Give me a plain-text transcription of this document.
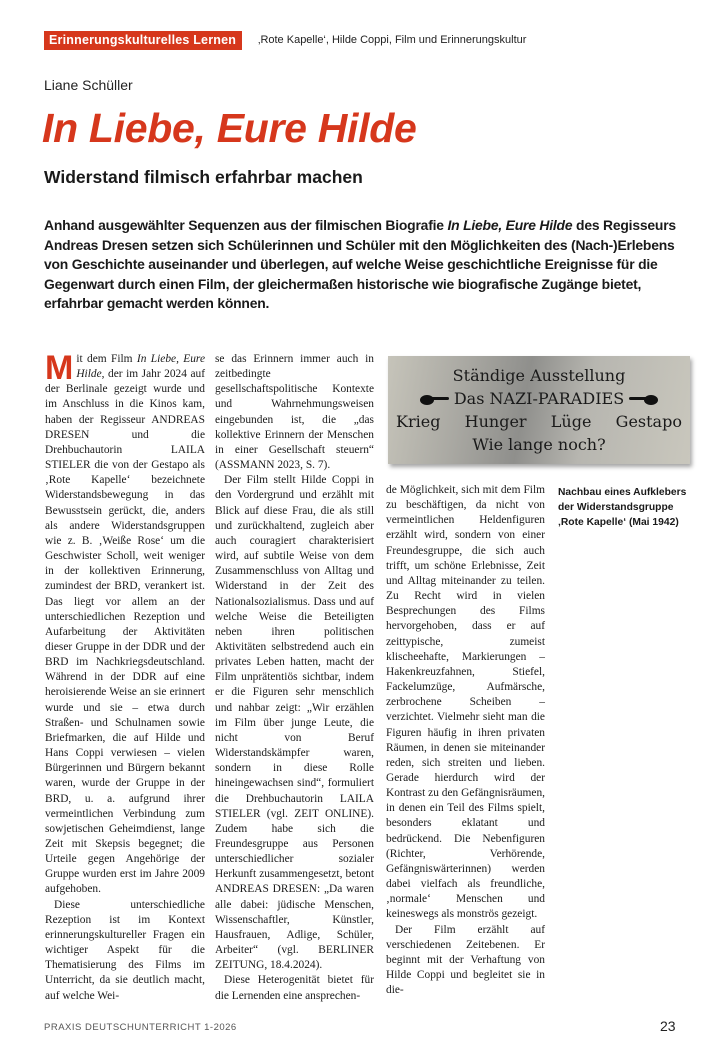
Erinnerungskulturelles Lernen	‚Rote Kapelle‘, Hilde Coppi, Film und Erinnerungskultur
Liane Schüller
In Liebe, Eure Hilde
Widerstand filmisch erfahrbar machen

Anhand ausgewählter Sequenzen aus der filmischen Biografie In Liebe, Eure Hilde des Regisseurs Andreas Dresen setzen sich Schülerinnen und Schüler mit den Möglichkeiten des (Nach-)Erlebens von Geschichte auseinander und überlegen, auf welche Weise geschichtliche Ereignisse für die Gegenwart durch einen Film, der gleichermaßen historische wie biografische Zugänge bietet, erfahrbar gemacht werden können.

Mit dem Film In Liebe, Eure Hilde, der im Jahr 2024 auf der Berlinale gezeigt wurde und im Anschluss in die Kinos kam, haben der Regisseur ANDREAS DRESEN und die Drehbuchautorin LAILA STIELER die von der Gestapo als ‚Rote Kapelle‘ bezeichnete Widerstandsbewegung in das Bewusstsein gerückt, die, anders als andere Widerstandsgruppen wie z. B. ‚Weiße Rose‘ um die Geschwister Scholl, weit weniger in der kollektiven Erinnerung, zumindest der BRD, verankert ist. Das liegt vor allem an der unterschiedlichen Rezeption und Aufarbeitung der Aktivitäten dieser Gruppe in der DDR und der BRD im Nachkriegsdeutschland. Während in der DDR auf eine heroisierende Weise an sie erinnert wurde und sie – etwa durch Straßen- und Schulnamen sowie Briefmarken, die auf Hilde und Hans Coppi verwiesen – vielen Bürgerinnen und Bürgern bekannt waren, wurde der Gruppe in der BRD, u. a. aufgrund ihrer vermeintlichen Verbindung zum sowjetischen Geheimdienst, lange Zeit mit Skepsis begegnet; die Urteile gegen Angehörige der Gruppe wurden erst im Jahre 2009 aufgehoben.

Diese unterschiedliche Rezeption ist im Kontext erinnerungskultureller Fragen ein wichtiger Aspekt für die Thematisierung des Films im Unterricht, da sie deutlich macht, auf welche Wei-

se das Erinnern immer auch in zeitbedingte gesellschaftspolitische Kontexte und Wahrnehmungsweisen eingebunden ist, die „das kollektive Erinnern der Menschen in einer Gesellschaft steuern“ (ASSMANN 2023, S. 7).

Der Film stellt Hilde Coppi in den Vordergrund und erzählt mit Blick auf diese Frau, die als still und zurückhaltend, zugleich aber auch couragiert charakterisiert wird, auf subtile Weise von dem Zusammenschluss von Alltag und Widerstand in der Zeit des Nationalsozialismus. Dass und auf welche Weise die Beteiligten neben ihren politischen Aktivitäten selbstredend auch ein privates Leben hatten, macht der Film unprätentiös sichtbar, indem er die Figuren sehr menschlich und nahbar zeigt: „Wir erzählen im Film über junge Leute, die nicht von Beruf Widerstandskämpfer waren, sondern in diese Rolle hineingewachsen sind“, formuliert die Drehbuchautorin LAILA STIELER (vgl. ZEIT ONLINE). Zudem habe sich die Freundesgruppe aus Personen unterschiedlicher sozialer Herkunft zusammengesetzt, betont ANDREAS DRESEN: „Da waren alle dabei: jüdische Menschen, Wissenschaftler, Künstler, Hausfrauen, Adlige, Schüler, Arbeiter“ (vgl. BERLINER ZEITUNG, 18.4.2024).

Diese Heterogenität bietet für die Lernenden eine ansprechen-

Ständige Ausstellung
Das NAZI-PARADIES
Krieg Hunger Lüge Gestapo
Wie lange noch?

de Möglichkeit, sich mit dem Film zu beschäftigen, da nicht von vermeintlichen Heldenfiguren erzählt wird, sondern von einer Freundesgruppe, die sich auch trifft, um schöne Erlebnisse, Zeit und Alltag miteinander zu teilen. Zu Recht wird in vielen Besprechungen des Films hervorgehoben, dass er auf zeittypische, zumeist klischeehafte, Markierungen – Hakenkreuzfahnen, Stiefel, Fackelumzüge, Aufmärsche, zerbrochene Scheiben – verzichtet. Vielmehr sieht man die Figuren häufig in ihren privaten Räumen, in denen sie miteinander reden, sich streiten und lieben. Gerade hierdurch wird der Kontrast zu den Gefängnisräumen, in denen ein Teil des Films spielt, besonders eklatant und bedrückend. Die Nebenfiguren (Richter, Verhörende, Gefängniswärterinnen) werden dabei vielfach als freundliche, ‚normale‘ Menschen und keineswegs als monströs gezeigt.

Der Film erzählt auf verschiedenen Zeitebenen. Er beginnt mit der Verhaftung von Hilde Coppi und begleitet sie in die-

Nachbau eines Aufklebers der Widerstandsgruppe ‚Rote Kapelle‘ (Mai 1942)

PRAXIS DEUTSCHUNTERRICHT 1-2026	23
